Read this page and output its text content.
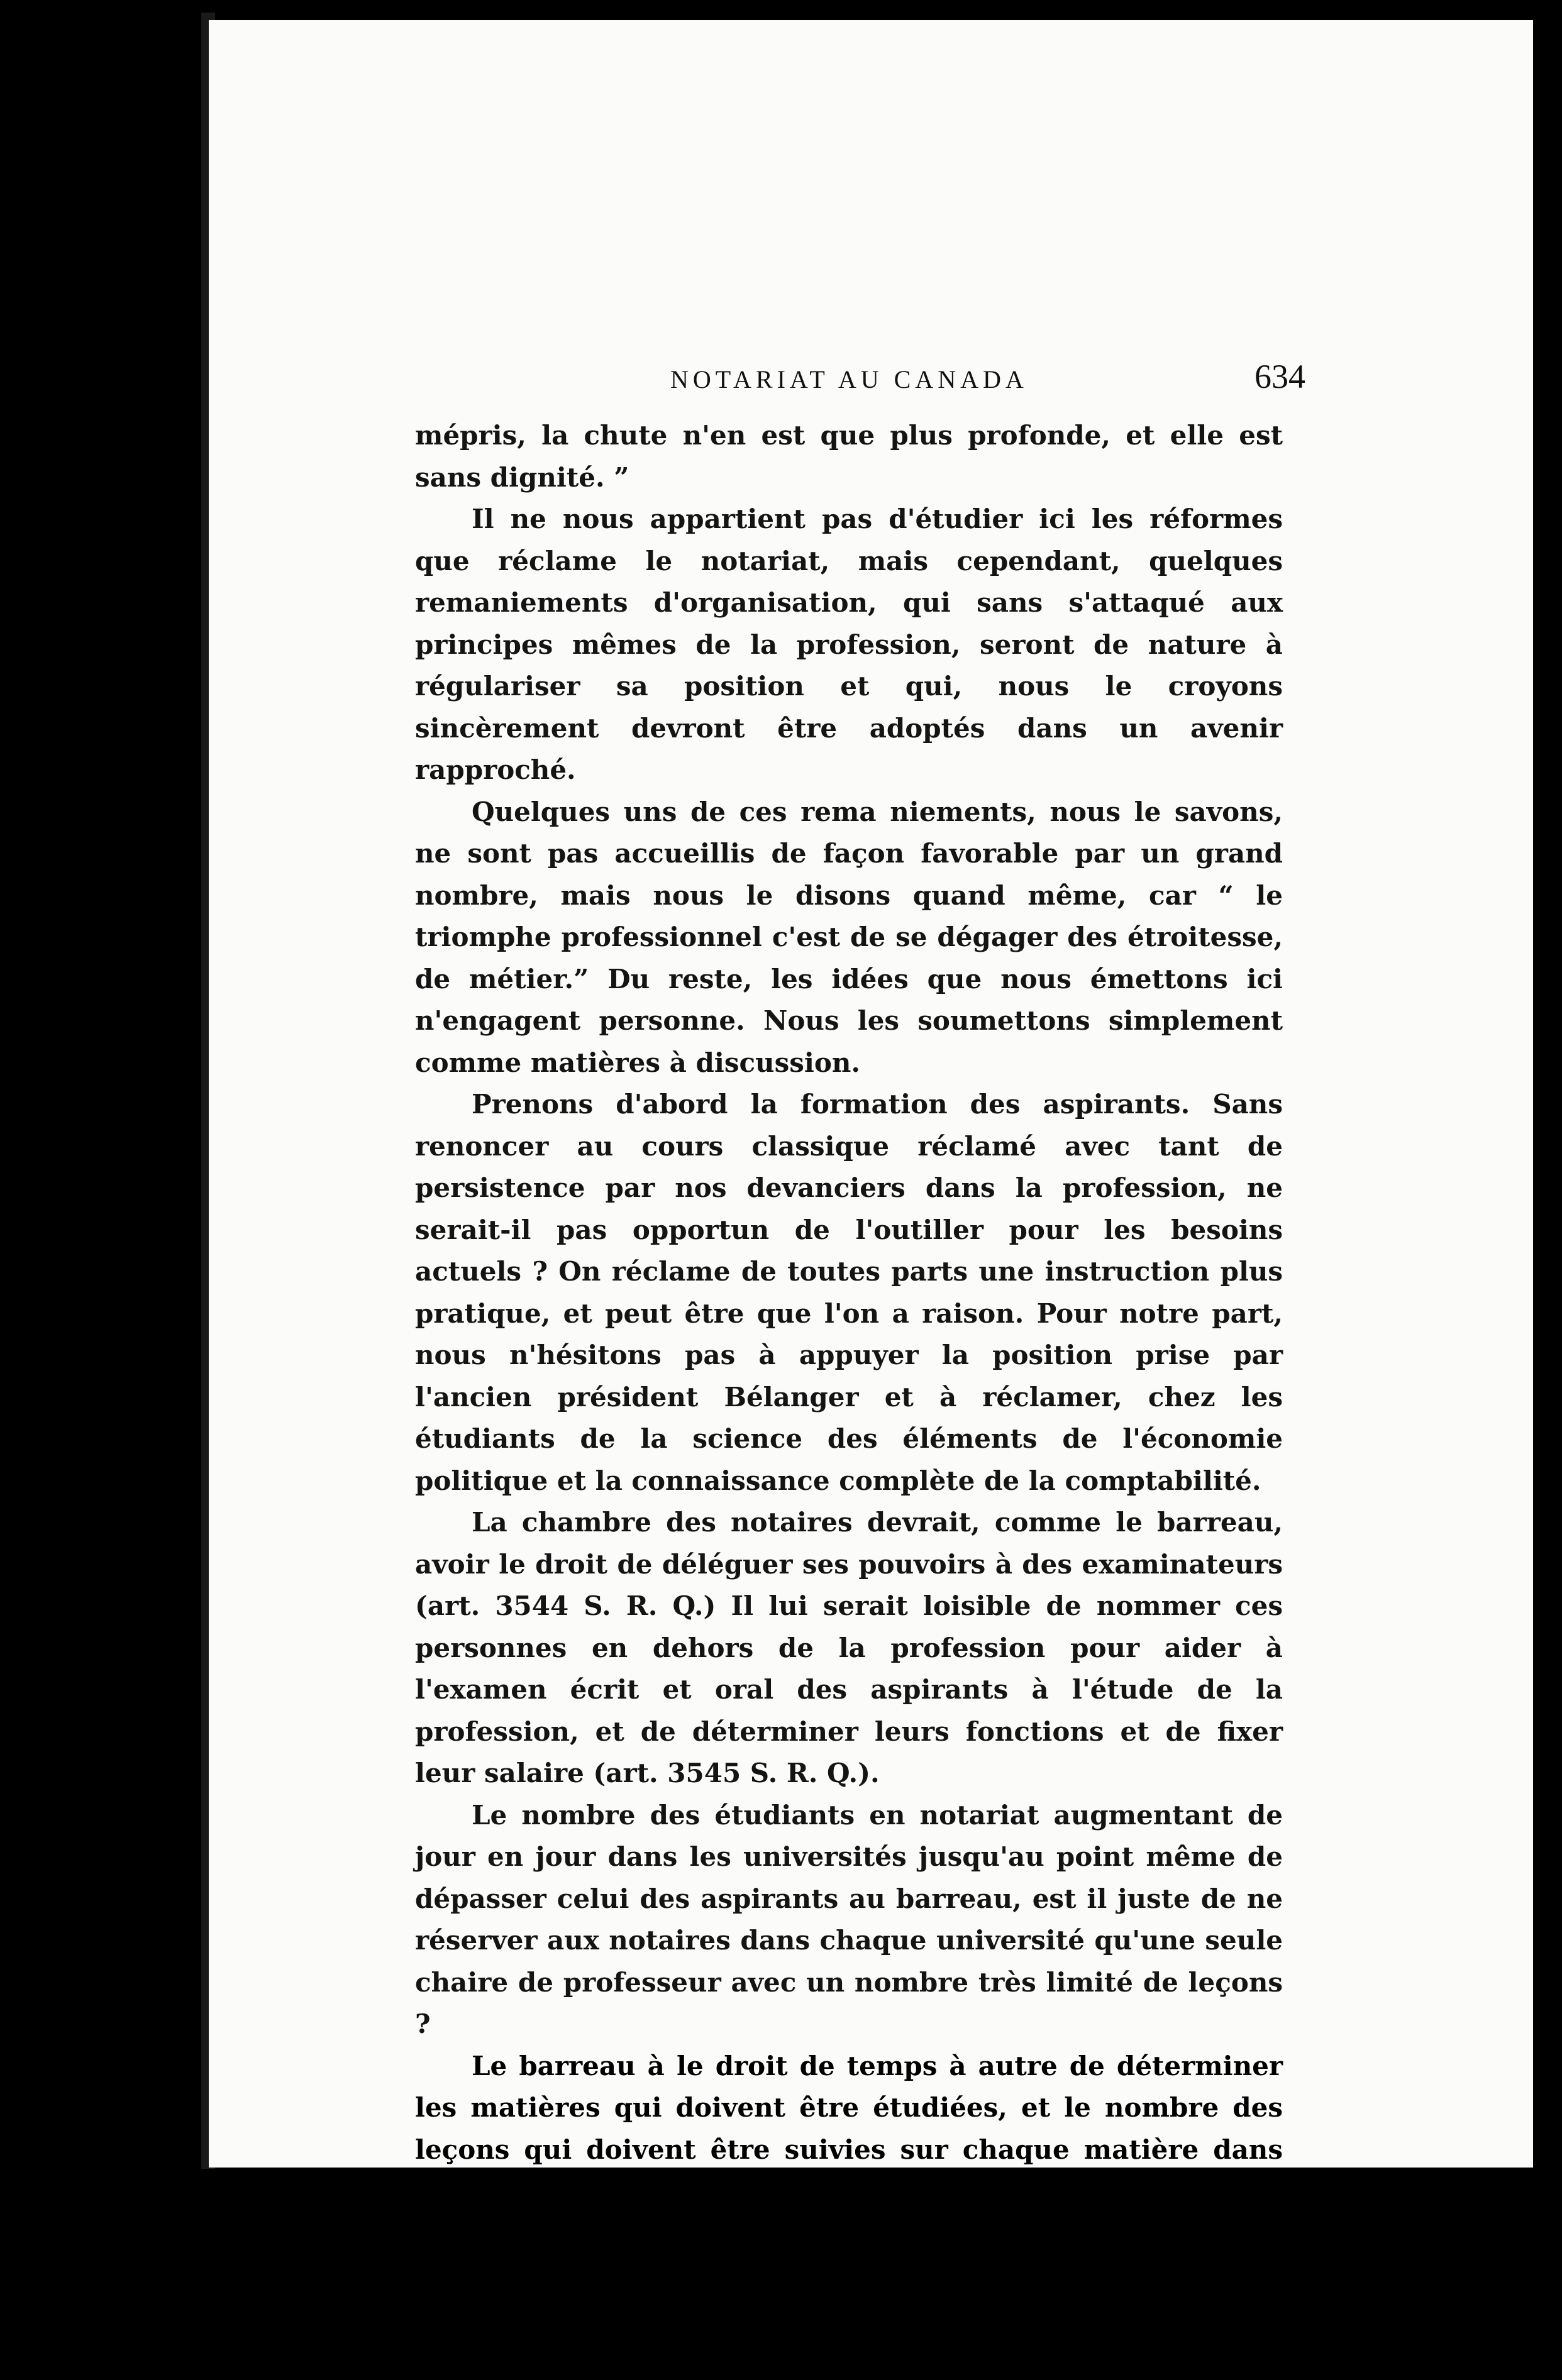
NOTARIAT AU CANADA	634

mépris, la chute n'en est que plus profonde, et elle est sans dignité. ”

Il ne nous appartient pas d'étudier ici les réformes que réclame le notariat, mais cependant, quelques remaniements d'organisation, qui sans s'attaqué aux principes mêmes de la profession, seront de nature à régulariser sa position et qui, nous le croyons sincèrement devront être adoptés dans un avenir rapproché.

Quelques uns de ces rema niements, nous le savons, ne sont pas accueillis de façon favorable par un grand nombre, mais nous le disons quand même, car “ le triomphe professionnel c'est de se dégager des étroitesse, de métier.” Du reste, les idées que nous émettons ici n'engagent personne. Nous les soumettons simplement comme matières à discussion.

Prenons d'abord la formation des aspirants. Sans renoncer au cours classique réclamé avec tant de persistence par nos devanciers dans la profession, ne serait-il pas opportun de l'outiller pour les besoins actuels ? On réclame de toutes parts une instruction plus pratique, et peut être que l'on a raison. Pour notre part, nous n'hésitons pas à appuyer la position prise par l'ancien président Bélanger et à réclamer, chez les étudiants de la science des éléments de l'économie politique et la connaissance complète de la comptabilité.

La chambre des notaires devrait, comme le barreau, avoir le droit de déléguer ses pouvoirs à des examinateurs (art. 3544 S. R. Q.) Il lui serait loisible de nommer ces personnes en dehors de la profession pour aider à l'examen écrit et oral des aspirants à l'étude de la profession, et de déterminer leurs fonctions et de fixer leur salaire (art. 3545 S. R. Q.).

Le nombre des étudiants en notariat augmentant de jour en jour dans les universités jusqu'au point même de dépasser celui des aspirants au barreau, est il juste de ne réserver aux notaires dans chaque université qu'une seule chaire de professeur avec un nombre très limité de leçons ?

Le barreau à le droit de temps à autre de déterminer les matières qui doivent être étudiées, et le nombre des leçons qui doivent être suivies sur chaque matière dans les universités ou collèges pour composer un cours régulier de droit (art. 3552 S. R. Q.).

Pourquoi le notariat n'aurait-il pas le même privilège ? La majorité des élèves appartenant au notariat, est il juste que la direc-
